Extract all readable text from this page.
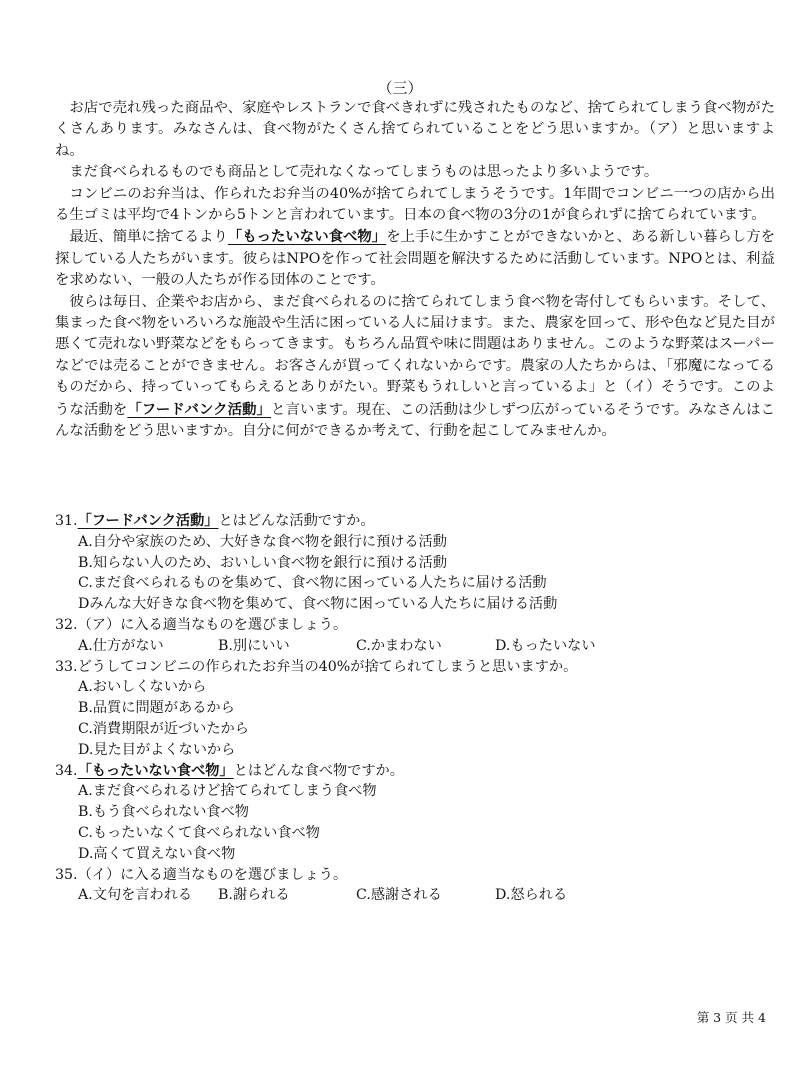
（三）

お店で売れ残った商品や、家庭やレストランで食べきれずに残されたものなど、捨てられてしまう食べ物がたくさんあります。みなさんは、食べ物がたくさん捨てられていることをどう思いますか。（ア）と思いますよね。

まだ食べられるものでも商品として売れなくなってしまうものは思ったより多いようです。

コンビニのお弁当は、作られたお弁当の40%が捨てられてしまうそうです。1年間でコンビニ一つの店から出る生ゴミは平均で4トンから5トンと言われています。日本の食べ物の3分の1が食られずに捨てられています。

最近、簡単に捨てるより「もったいない食べ物」を上手に生かすことができないかと、ある新しい暮らし方を探している人たちがいます。彼らはNPOを作って社会問題を解決するために活動しています。NPOとは、利益を求めない、一般の人たちが作る団体のことです。

彼らは毎日、企業やお店から、まだ食べられるのに捨てられてしまう食べ物を寄付してもらいます。そして、集まった食べ物をいろいろな施設や生活に困っている人に届けます。また、農家を回って、形や色など見た目が悪くて売れない野菜などをもらってきます。もちろん品質や味に問題はありません。このような野菜はスーパーなどでは売ることができません。お客さんが買ってくれないからです。農家の人たちからは、「邪魔になってるものだから、持っていってもらえるとありがたい。野菜もうれしいと言っているよ」と（イ）そうです。このような活動を「フードバンク活動」と言います。現在、この活動は少しずつ広がっているそうです。みなさんはこんな活動をどう思いますか。自分に何ができるか考えて、行動を起こしてみませんか。

31.「フードバンク活動」とはどんな活動ですか。
A.自分や家族のため、大好きな食べ物を銀行に預ける活動
B.知らない人のため、おいしい食べ物を銀行に預ける活動
C.まだ食べられるものを集めて、食べ物に困っている人たちに届ける活動
Dみんな大好きな食べ物を集めて、食べ物に困っている人たちに届ける活動
32.（ア）に入る適当なものを選びましょう。
A.仕方がない	B.別にいい	C.かまわない	D.もったいない
33.どうしてコンビニの作られたお弁当の40%が捨てられてしまうと思いますか。
A.おいしくないから
B.品質に問題があるから
C.消費期限が近づいたから
D.見た目がよくないから
34.「もったいない食べ物」とはどんな食べ物ですか。
A.まだ食べられるけど捨てられてしまう食べ物
B.もう食べられない食べ物
C.もったいなくて食べられない食べ物
D.高くて買えない食べ物
35.（イ）に入る適当なものを選びましょう。
A.文句を言われる B.謝られる	C.感謝される	D.怒られる
第 3 页 共 4
